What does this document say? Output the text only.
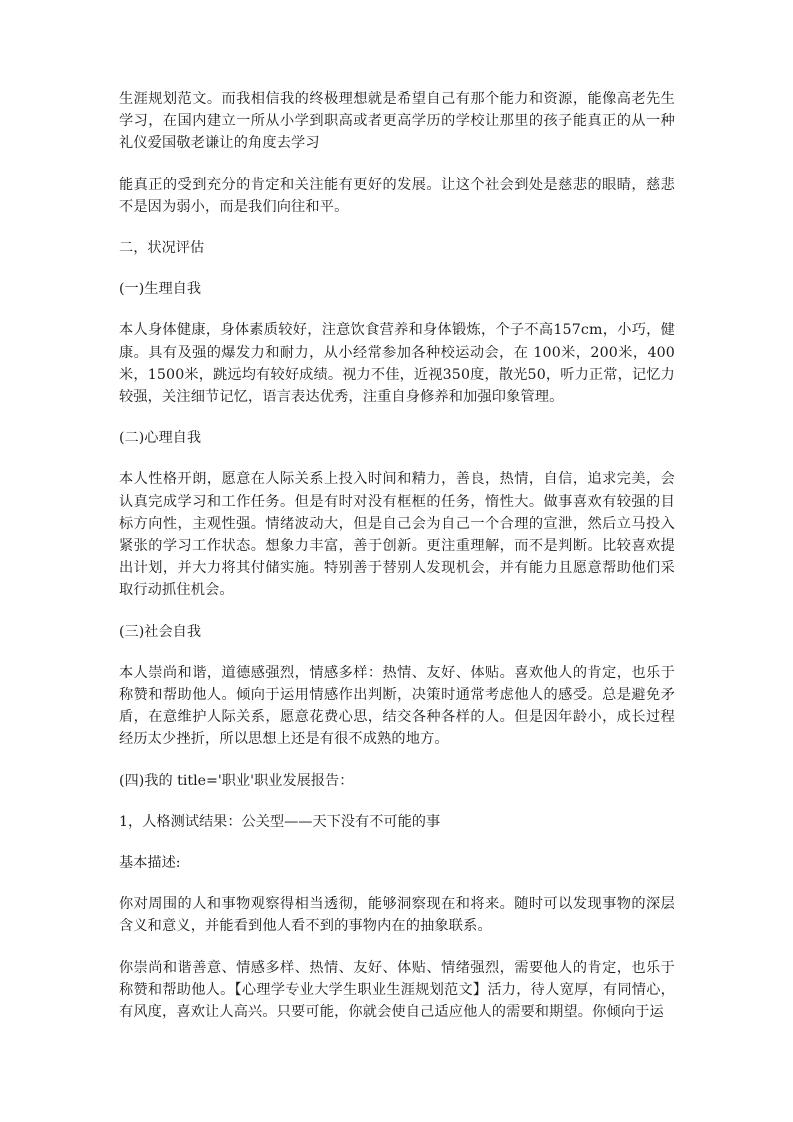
生涯规划范文。而我相信我的终极理想就是希望自己有那个能力和资源，能像高老先生学习，在国内建立一所从小学到职高或者更高学历的学校让那里的孩子能真正的从一种礼仪爱国敬老谦让的角度去学习

能真正的受到充分的肯定和关注能有更好的发展。让这个社会到处是慈悲的眼睛，慈悲不是因为弱小，而是我们向往和平。

二，状况评估

(一)生理自我

本人身体健康，身体素质较好，注意饮食营养和身体锻炼，个子不高157cm，小巧，健康。具有及强的爆发力和耐力，从小经常参加各种校运动会，在 100米，200米，400米，1500米，跳远均有较好成绩。视力不佳，近视350度，散光50，听力正常，记忆力较强，关注细节记忆，语言表达优秀，注重自身修养和加强印象管理。

(二)心理自我

本人性格开朗，愿意在人际关系上投入时间和精力，善良，热情，自信，追求完美，会认真完成学习和工作任务。但是有时对没有框框的任务，惰性大。做事喜欢有较强的目标方向性，主观性强。情绪波动大，但是自己会为自己一个合理的宣泄，然后立马投入紧张的学习工作状态。想象力丰富，善于创新。更注重理解，而不是判断。比较喜欢提出计划，并大力将其付储实施。特别善于替别人发现机会，并有能力且愿意帮助他们采取行动抓住机会。

(三)社会自我

本人崇尚和谐，道德感强烈，情感多样：热情、友好、体贴。喜欢他人的肯定，也乐于称赞和帮助他人。倾向于运用情感作出判断，决策时通常考虑他人的感受。总是避免矛盾，在意维护人际关系，愿意花费心思，结交各种各样的人。但是因年龄小，成长过程经历太少挫折，所以思想上还是有很不成熟的地方。

(四)我的 title='职业'职业发展报告：

1，人格测试结果：公关型——天下没有不可能的事

基本描述:

你对周围的人和事物观察得相当透彻，能够洞察现在和将来。随时可以发现事物的深层含义和意义，并能看到他人看不到的事物内在的抽象联系。

你崇尚和谐善意、情感多样、热情、友好、体贴、情绪强烈，需要他人的肯定，也乐于称赞和帮助他人。【心理学专业大学生职业生涯规划范文】活力，待人宽厚，有同情心，有风度，喜欢让人高兴。只要可能，你就会使自己适应他人的需要和期望。你倾向于运
